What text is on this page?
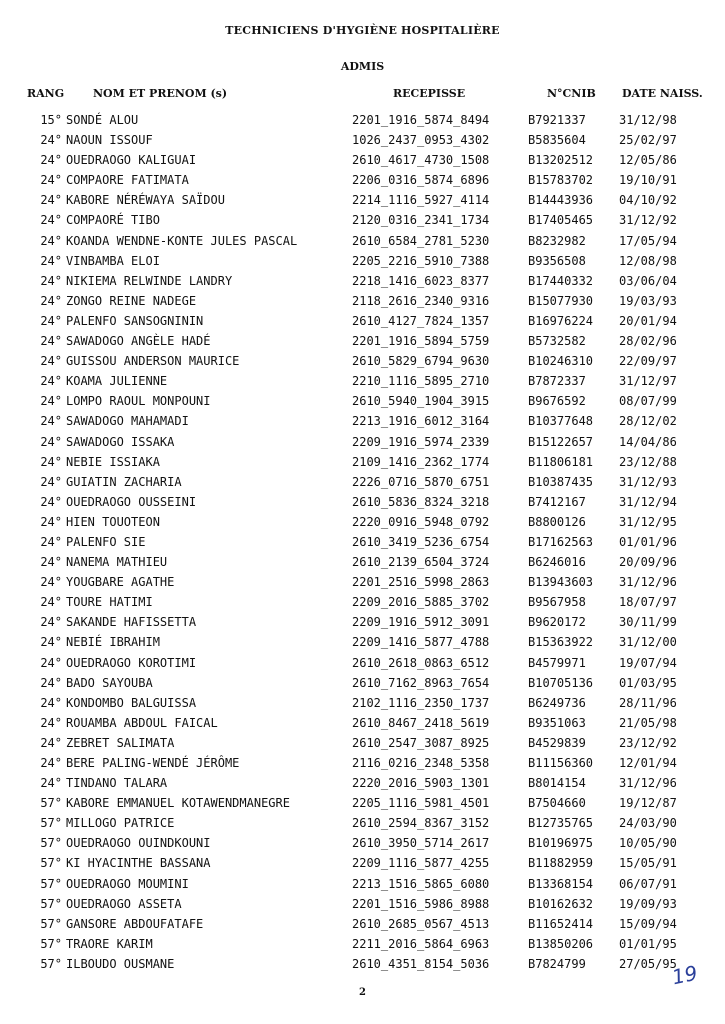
TECHNICIENS D'HYGIÈNE HOSPITALIÈRE
ADMIS
RANG	NOM ET PRENOM (s)	RECEPISSE	N°CNIB DATE NAISS.
15° SONDÉ ALOU	2201_1916_5874_8494	B7921337	31/12/98
24° NAOUN ISSOUF	1026_2437_0953_4302	B5835604	25/02/97
24° OUEDRAOGO KALIGUAI	2610_4617_4730_1508	B13202512 12/05/86
24° COMPAORE FATIMATA	2206_0316_5874_6896	B15783702 19/10/91
24° KABORE NÉRÉWAYA SAÏDOU	2214_1116_5927_4114	B14443936 04/10/92
24° COMPAORÉ TIBO	2120_0316_2341_1734	B17405465 31/12/92
24° KOANDA WENDNE-KONTE JULES PASCAL	2610_6584_2781_5230	B8232982	17/05/94
24° VINBAMBA ELOI	2205_2216_5910_7388	B9356508	12/08/98
24° NIKIEMA RELWINDE LANDRY	2218_1416_6023_8377	B17440332 03/06/04
24° ZONGO REINE NADEGE	2118_2616_2340_9316	B15077930 19/03/93
24° PALENFO SANSOGNININ	2610_4127_7824_1357	B16976224 20/01/94
24° SAWADOGO ANGÈLE HADÉ	2201_1916_5894_5759	B5732582	28/02/96
24° GUISSOU ANDERSON MAURICE	2610_5829_6794_9630	B10246310 22/09/97
24° KOAMA JULIENNE	2210_1116_5895_2710	B7872337	31/12/97
24° LOMPO RAOUL MONPOUNI	2610_5940_1904_3915	B9676592	08/07/99
24° SAWADOGO MAHAMADI	2213_1916_6012_3164	B10377648 28/12/02
24° SAWADOGO ISSAKA	2209_1916_5974_2339	B15122657 14/04/86
24° NEBIE ISSIAKA	2109_1416_2362_1774	B11806181 23/12/88
24° GUIATIN ZACHARIA	2226_0716_5870_6751	B10387435 31/12/93
24° OUEDRAOGO OUSSEINI	2610_5836_8324_3218	B7412167	31/12/94
24° HIEN TOUOTEON	2220_0916_5948_0792	B8800126	31/12/95
24° PALENFO SIE	2610_3419_5236_6754	B17162563 01/01/96
24° NANEMA MATHIEU	2610_2139_6504_3724	B6246016	20/09/96
24° YOUGBARE AGATHE	2201_2516_5998_2863	B13943603 31/12/96
24° TOURE HATIMI	2209_2016_5885_3702	B9567958	18/07/97
24° SAKANDE HAFISSETTA	2209_1916_5912_3091	B9620172	30/11/99
24° NEBIÉ IBRAHIM	2209_1416_5877_4788	B15363922 31/12/00
24° OUEDRAOGO KOROTIMI	2610_2618_0863_6512	B4579971	19/07/94
24° BADO SAYOUBA	2610_7162_8963_7654	B10705136 01/03/95
24° KONDOMBO BALGUISSA	2102_1116_2350_1737	B6249736	28/11/96
24° ROUAMBA ABDOUL FAICAL	2610_8467_2418_5619	B9351063	21/05/98
24° ZEBRET SALIMATA	2610_2547_3087_8925	B4529839	23/12/92
24° BERE PALING-WENDÉ JÉRÔME	2116_0216_2348_5358	B11156360 12/01/94
24° TINDANO TALARA	2220_2016_5903_1301	B8014154	31/12/96
57° KABORE EMMANUEL KOTAWENDMANEGRE	2205_1116_5981_4501	B7504660	19/12/87
57° MILLOGO PATRICE	2610_2594_8367_3152	B12735765 24/03/90
57° OUEDRAOGO OUINDKOUNI	2610_3950_5714_2617	B10196975 10/05/90
57° KI HYACINTHE BASSANA	2209_1116_5877_4255	B11882959 15/05/91
57° OUEDRAOGO MOUMINI	2213_1516_5865_6080	B13368154 06/07/91
57° OUEDRAOGO ASSETA	2201_1516_5986_8988	B10162632 19/09/93
57° GANSORE ABDOUFATAFE	2610_2685_0567_4513	B11652414 15/09/94
57° TRAORE KARIM	2211_2016_5864_6963	B13850206 01/01/95
57° ILBOUDO OUSMANE	2610_4351_8154_5036	B7824799	27/05/95
2
19
